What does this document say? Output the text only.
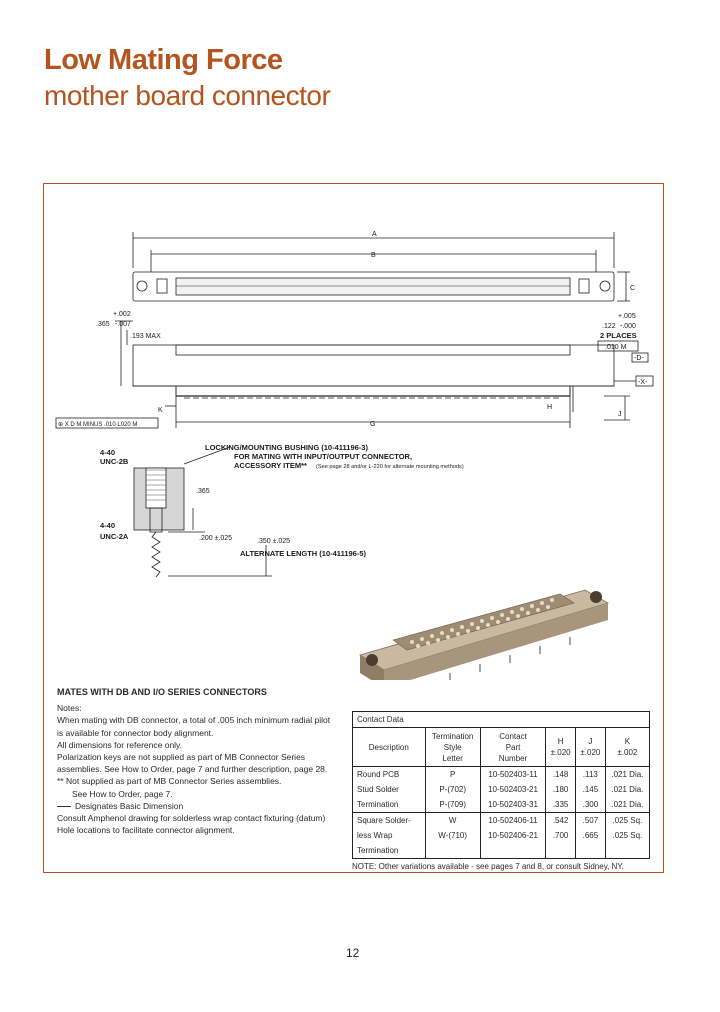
Low Mating Force
mother board connector
A
B
C
+.002
.365 -.007
.193 MAX
+.005
.122 -.000
2 PLACES
.010 M
-D-
-X-
K
G
H
J
⊕ X D M MINUS .010 L020 M
4-40
UNC-2B
4-40
UNC-2A
LOCKING/MOUNTING BUSHING (10-411196-3)
FOR MATING WITH INPUT/OUTPUT CONNECTOR,
ACCESSORY ITEM** (See page 28 and/or L-220 for alternate mounting methods)
.365
.200 ±.025	.350 ±.025
ALTERNATE LENGTH (10-411196-5)
MATES WITH DB AND I/O SERIES CONNECTORS

Notes:

When mating with DB connector, a total of .005 inch minimum radial pilot is available for connector body alignment.

All dimensions for reference only.

Polarization keys are not supplied as part of MB Connector Series assemblies. See How to Order, page 7 and further description, page 28.

** Not supplied as part of MB Connector Series assemblies.

See How to Order, page 7.

Designates Basic Dimension

Consult Amphenol drawing for solderless wrap contact fixturing (datum) Hole locations to facilitate connector alignment.

Contact Data					
Description	Termination
Style
Letter	Contact
Part
Number	H
±.020	J
±.020	K
±.002
Round PCB	P	10-502403-11	.148	.113	.021 Dia.
Stud Solder	P-(702)	10-502403-21	.180	.145	.021 Dia.
Termination	P-(709)	10-502403-31	.335	.300	.021 Dia.
Square Solder-	W	10-502406-11	.542	.507	.025 Sq.
less Wrap	W-(710)	10-502406-21	.700	.665	.025 Sq.
Termination					
NOTE: Other variations available - see pages 7 and 8, or consult Sidney, NY.
12
